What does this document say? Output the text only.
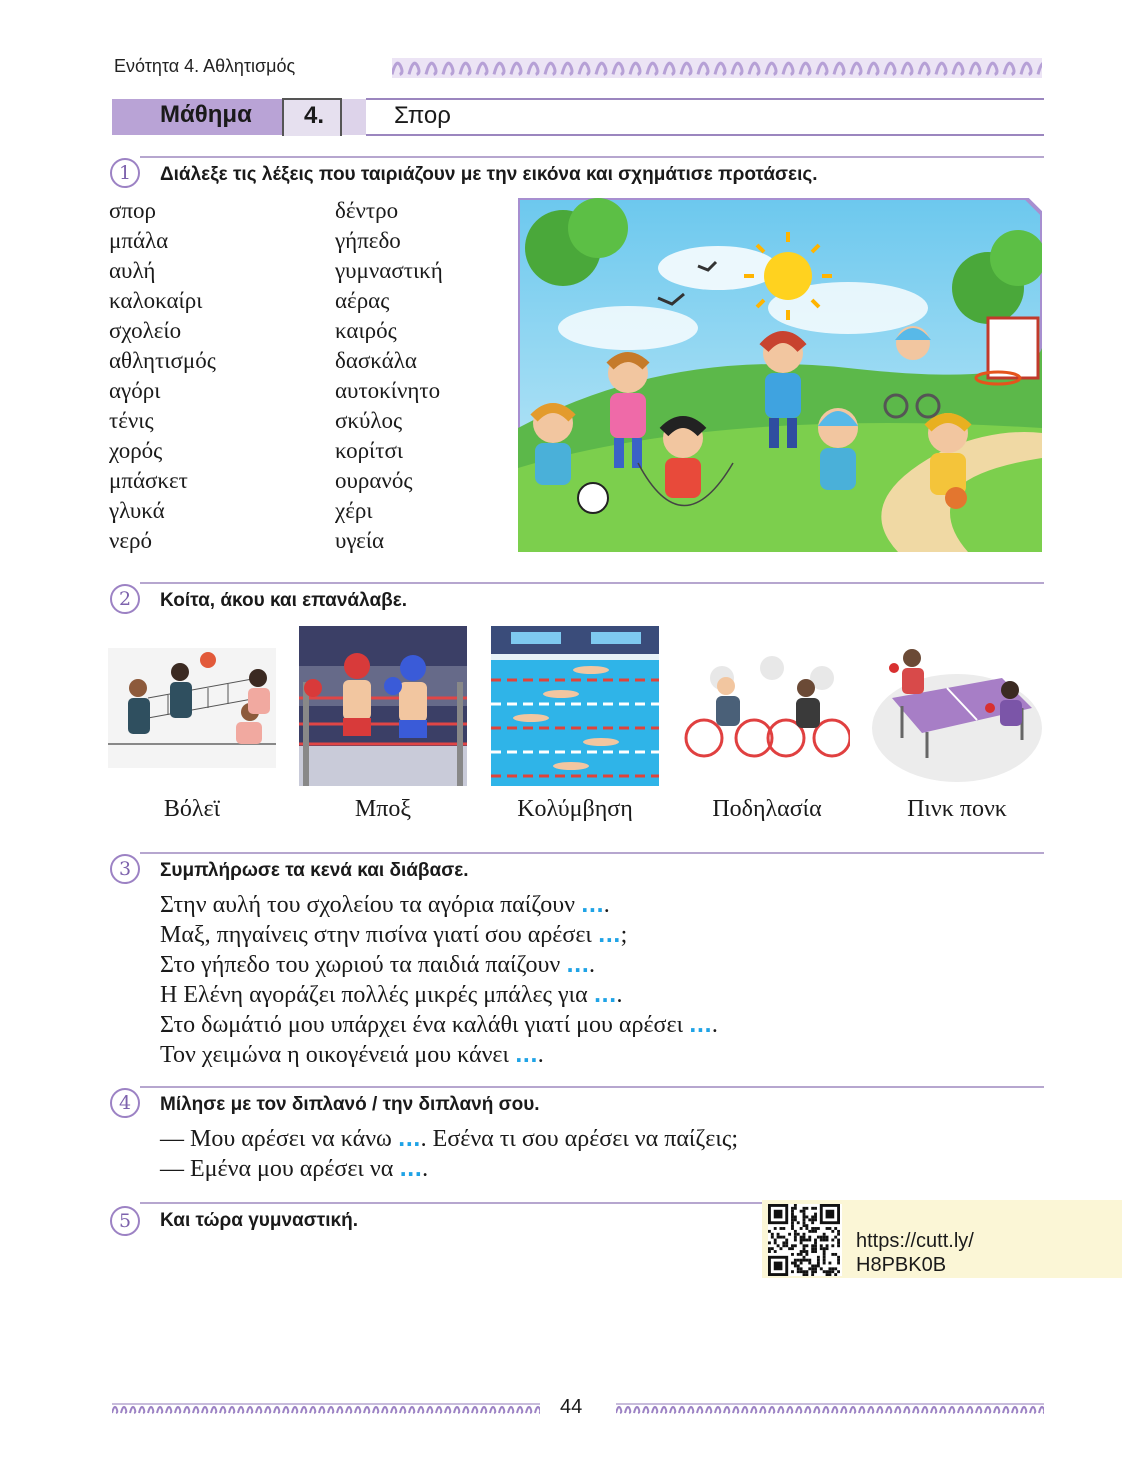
Ενότητα 4. Αθλητισμός
Μάθημα 4.	Σπορ
1	Διάλεξε τις λέξεις που ταιριάζουν με την εικόνα και σχημάτισε προτάσεις.
σπορ
μπάλα
αυλή
καλοκαίρι
σχολείο
αθλητισμός
αγόρι
τένις
χορός
μπάσκετ
γλυκά
νερό
δέντρο
γήπεδο
γυμναστική
αέρας
καιρός
δασκάλα
αυτοκίνητο
σκύλος
κορίτσι
ουρανός
χέρι
υγεία
2	Κοίτα, άκου και επανάλαβε.
Βόλεϊ	Μποξ	Κολύμβηση	Ποδηλασία	Πινκ πονκ
3	Συμπλήρωσε τα κενά και διάβασε.
Στην αυλή του σχολείου τα αγόρια παίζουν ....
Μαξ, πηγαίνεις στην πισίνα γιατί σου αρέσει ...;
Στο γήπεδο του χωριού τα παιδιά παίζουν ....
Η Ελένη αγοράζει πολλές μικρές μπάλες για ....
Στο δωμάτιό μου υπάρχει ένα καλάθι γιατί μου αρέσει ....
Τον χειμώνα η οικογένειά μου κάνει ....
4	Μίλησε με τον διπλανό / την διπλανή σου.
— Μου αρέσει να κάνω .... Εσένα τι σου αρέσει να παίζεις;
— Εμένα μου αρέσει να ....
5	Και τώρα γυμναστική.
https://cutt.ly/
H8PBK0B
44
